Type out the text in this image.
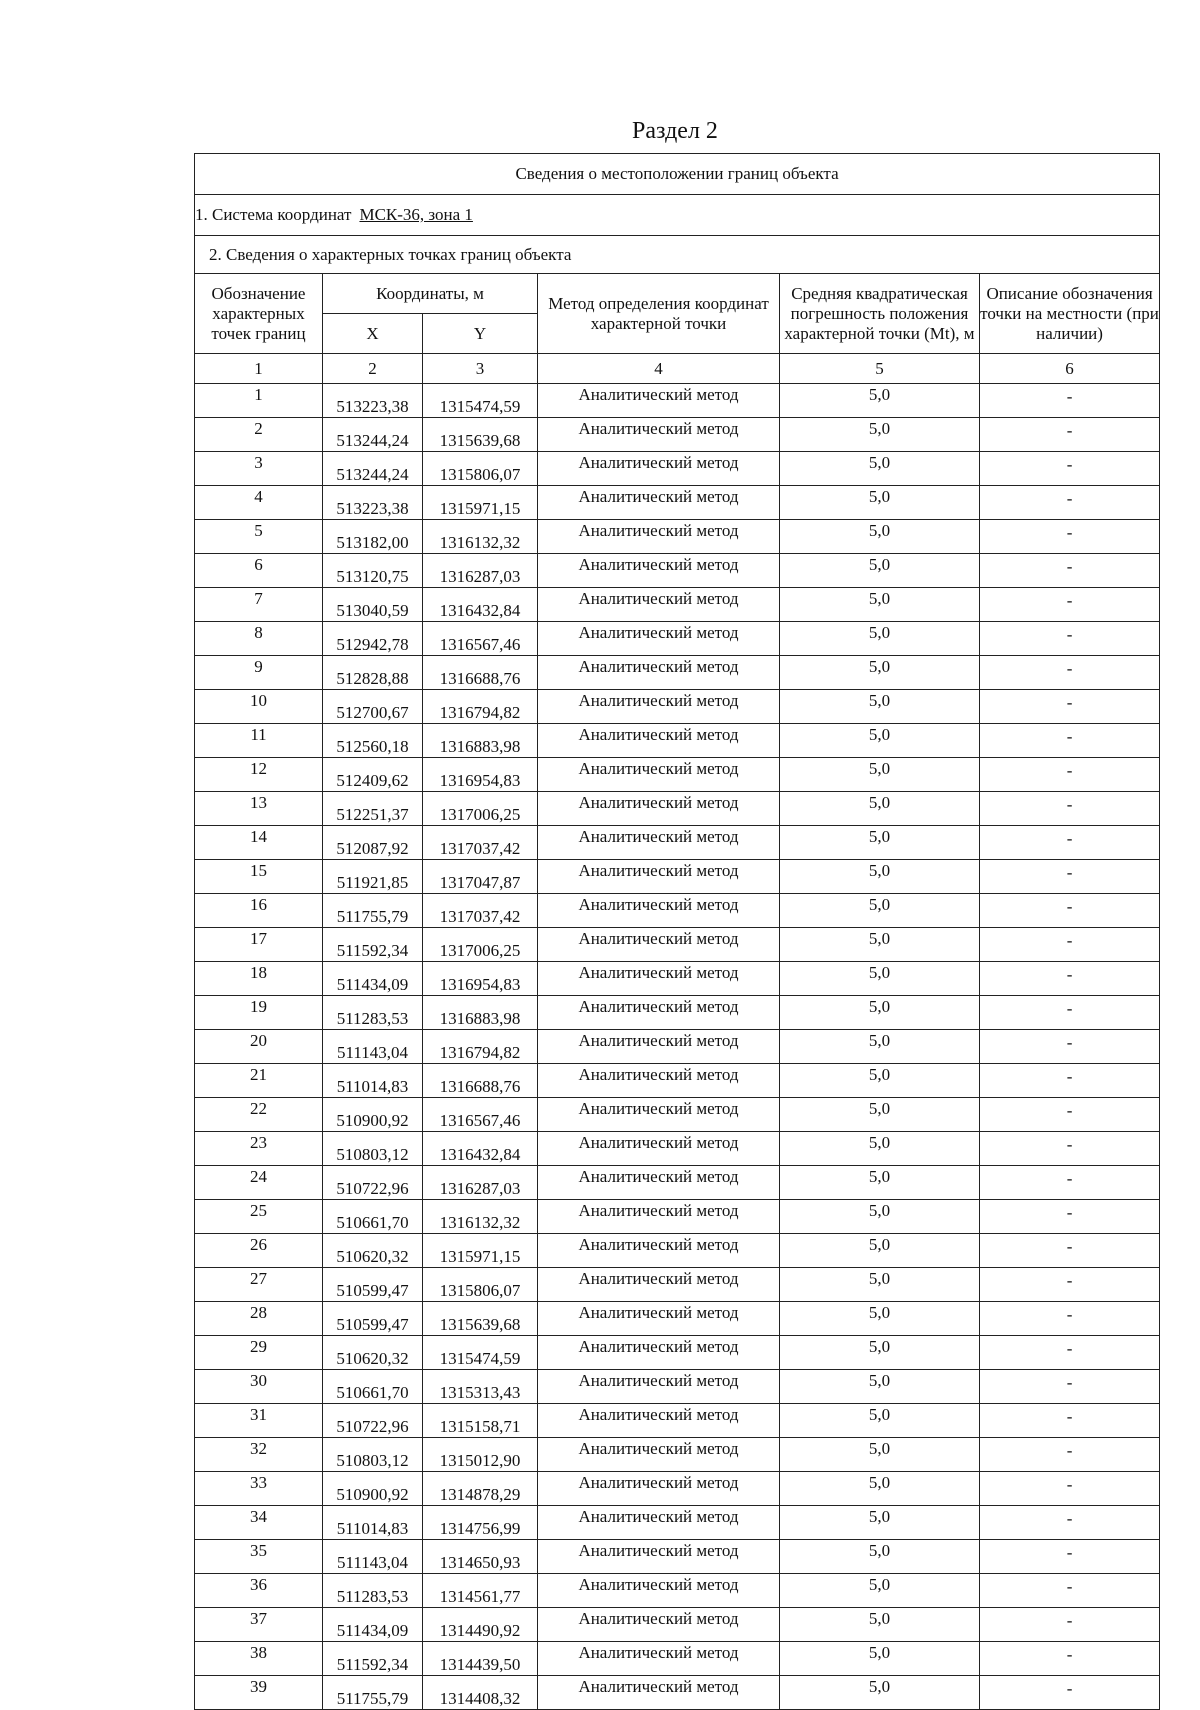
Раздел 2
Сведения о местоположении границ объекта					
1. Система координат МСК-36, зона 1					
2. Сведения о характерных точках границ объекта					
Обозначение характерных точек границ	Координаты, м		Метод определения координат характерной точки	Средняя квадратическая погрешность положения характерной точки (Mt), м	Описание обозначения точки на местности (при наличии)
	X	Y			
1	2	3	4	5	6
1	513223,38	1315474,59	Аналитический метод	5,0	-
2	513244,24	1315639,68	Аналитический метод	5,0	-
3	513244,24	1315806,07	Аналитический метод	5,0	-
4	513223,38	1315971,15	Аналитический метод	5,0	-
5	513182,00	1316132,32	Аналитический метод	5,0	-
6	513120,75	1316287,03	Аналитический метод	5,0	-
7	513040,59	1316432,84	Аналитический метод	5,0	-
8	512942,78	1316567,46	Аналитический метод	5,0	-
9	512828,88	1316688,76	Аналитический метод	5,0	-
10	512700,67	1316794,82	Аналитический метод	5,0	-
11	512560,18	1316883,98	Аналитический метод	5,0	-
12	512409,62	1316954,83	Аналитический метод	5,0	-
13	512251,37	1317006,25	Аналитический метод	5,0	-
14	512087,92	1317037,42	Аналитический метод	5,0	-
15	511921,85	1317047,87	Аналитический метод	5,0	-
16	511755,79	1317037,42	Аналитический метод	5,0	-
17	511592,34	1317006,25	Аналитический метод	5,0	-
18	511434,09	1316954,83	Аналитический метод	5,0	-
19	511283,53	1316883,98	Аналитический метод	5,0	-
20	511143,04	1316794,82	Аналитический метод	5,0	-
21	511014,83	1316688,76	Аналитический метод	5,0	-
22	510900,92	1316567,46	Аналитический метод	5,0	-
23	510803,12	1316432,84	Аналитический метод	5,0	-
24	510722,96	1316287,03	Аналитический метод	5,0	-
25	510661,70	1316132,32	Аналитический метод	5,0	-
26	510620,32	1315971,15	Аналитический метод	5,0	-
27	510599,47	1315806,07	Аналитический метод	5,0	-
28	510599,47	1315639,68	Аналитический метод	5,0	-
29	510620,32	1315474,59	Аналитический метод	5,0	-
30	510661,70	1315313,43	Аналитический метод	5,0	-
31	510722,96	1315158,71	Аналитический метод	5,0	-
32	510803,12	1315012,90	Аналитический метод	5,0	-
33	510900,92	1314878,29	Аналитический метод	5,0	-
34	511014,83	1314756,99	Аналитический метод	5,0	-
35	511143,04	1314650,93	Аналитический метод	5,0	-
36	511283,53	1314561,77	Аналитический метод	5,0	-
37	511434,09	1314490,92	Аналитический метод	5,0	-
38	511592,34	1314439,50	Аналитический метод	5,0	-
39	511755,79	1314408,32	Аналитический метод	5,0	-
